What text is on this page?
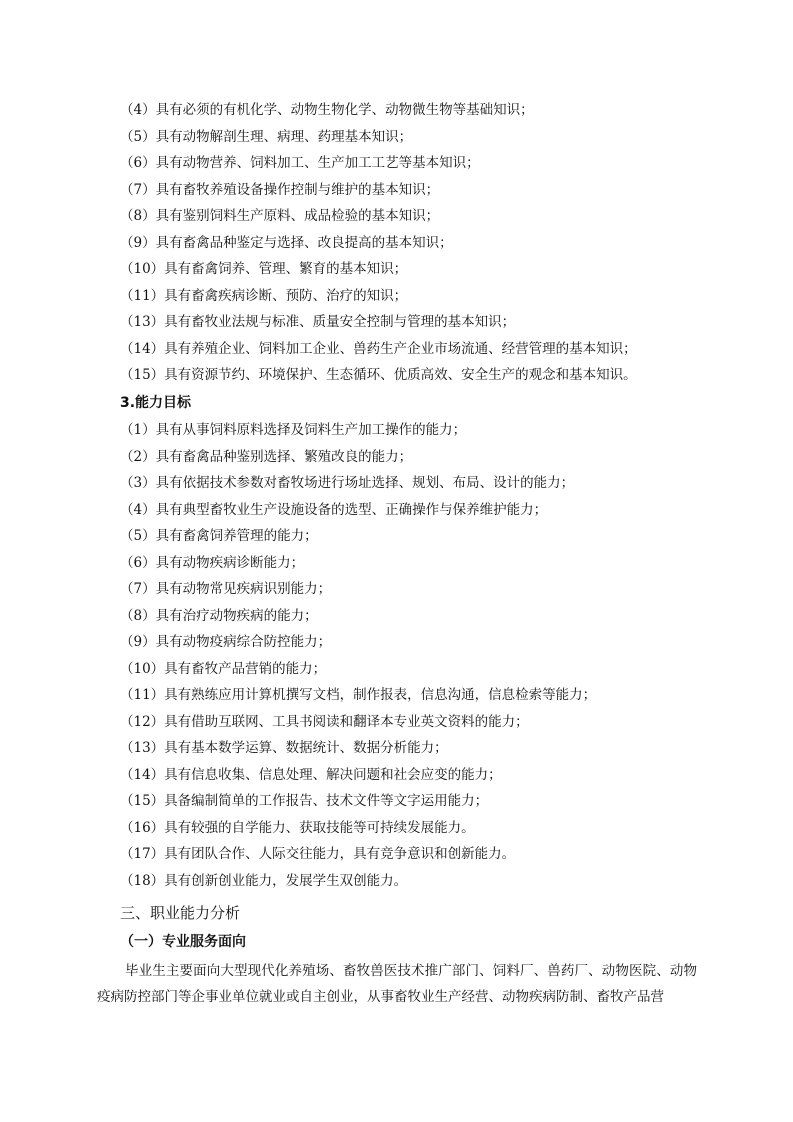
（4）具有必须的有机化学、动物生物化学、动物微生物等基础知识；
（5）具有动物解剖生理、病理、药理基本知识；
（6）具有动物营养、饲料加工、生产加工工艺等基本知识；
（7）具有畜牧养殖设备操作控制与维护的基本知识；
（8）具有鉴别饲料生产原料、成品检验的基本知识；
（9）具有畜禽品种鉴定与选择、改良提高的基本知识；
（10）具有畜禽饲养、管理、繁育的基本知识；
（11）具有畜禽疾病诊断、预防、治疗的知识；
（13）具有畜牧业法规与标准、质量安全控制与管理的基本知识；
（14）具有养殖企业、饲料加工企业、兽药生产企业市场流通、经营管理的基本知识；
（15）具有资源节约、环境保护、生态循环、优质高效、安全生产的观念和基本知识。
3.能力目标
（1）具有从事饲料原料选择及饲料生产加工操作的能力；
（2）具有畜禽品种鉴别选择、繁殖改良的能力；
（3）具有依据技术参数对畜牧场进行场址选择、规划、布局、设计的能力；
（4）具有典型畜牧业生产设施设备的选型、正确操作与保养维护能力；
（5）具有畜禽饲养管理的能力；
（6）具有动物疾病诊断能力；
（7）具有动物常见疾病识别能力；
（8）具有治疗动物疾病的能力；
（9）具有动物疫病综合防控能力；
（10）具有畜牧产品营销的能力；
（11）具有熟练应用计算机撰写文档，制作报表，信息沟通，信息检索等能力；
（12）具有借助互联网、工具书阅读和翻译本专业英文资料的能力；
（13）具有基本数学运算、数据统计、数据分析能力；
（14）具有信息收集、信息处理、解决问题和社会应变的能力；
（15）具备编制简单的工作报告、技术文件等文字运用能力；
（16）具有较强的自学能力、获取技能等可持续发展能力。
（17）具有团队合作、人际交往能力，具有竞争意识和创新能力。
（18）具有创新创业能力，发展学生双创能力。
三、职业能力分析
（一）专业服务面向
毕业生主要面向大型现代化养殖场、畜牧兽医技术推广部门、饲料厂、兽药厂、动物医院、动物疫病防控部门等企事业单位就业或自主创业，从事畜牧业生产经营、动物疾病防制、畜牧产品营
